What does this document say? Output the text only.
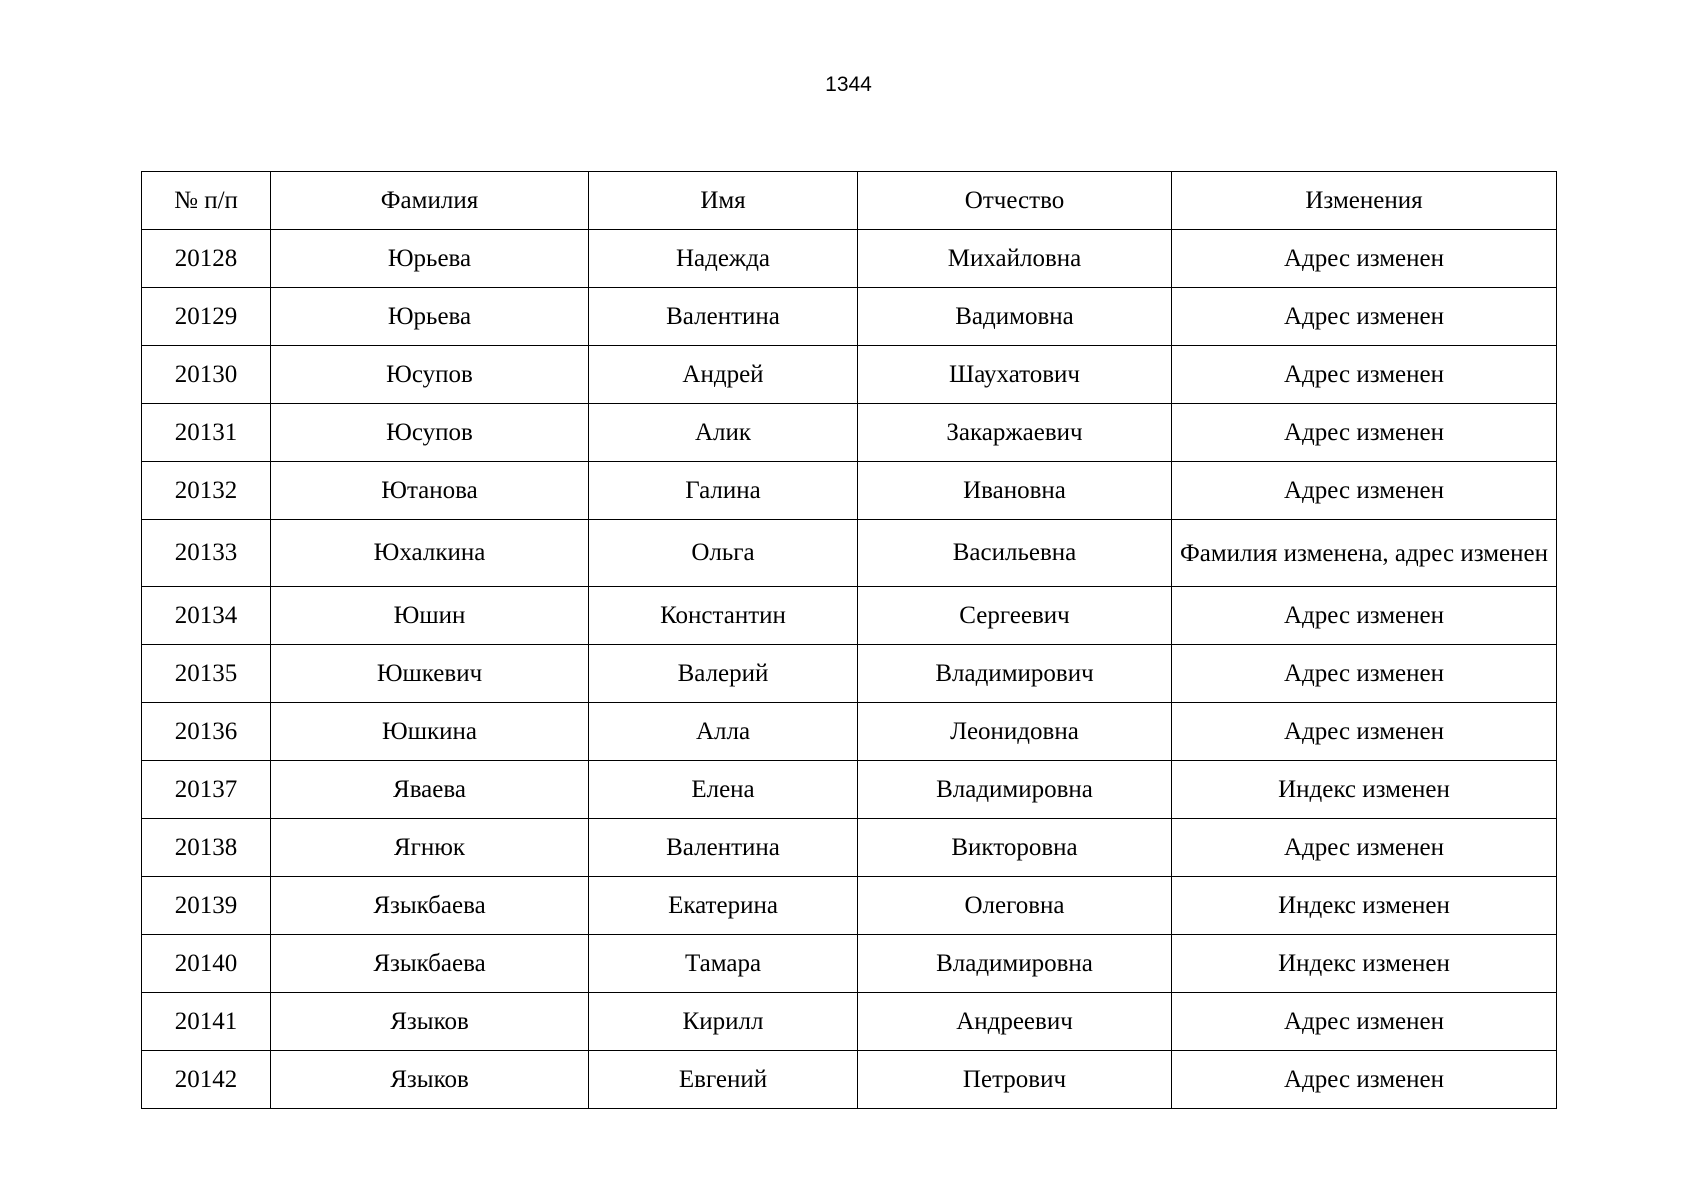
1344
№ п/п	Фамилия	Имя	Отчество	Изменения
20128	Юрьева	Надежда	Михайловна	Адрес изменен
20129	Юрьева	Валентина	Вадимовна	Адрес изменен
20130	Юсупов	Андрей	Шаухатович	Адрес изменен
20131	Юсупов	Алик	Закаржаевич	Адрес изменен
20132	Ютанова	Галина	Ивановна	Адрес изменен
20133	Юхалкина	Ольга	Васильевна	Фамилия изменена, адрес изменен
20134	Юшин	Константин	Сергеевич	Адрес изменен
20135	Юшкевич	Валерий	Владимирович	Адрес изменен
20136	Юшкина	Алла	Леонидовна	Адрес изменен
20137	Яваева	Елена	Владимировна	Индекс изменен
20138	Ягнюк	Валентина	Викторовна	Адрес изменен
20139	Языкбаева	Екатерина	Олеговна	Индекс изменен
20140	Языкбаева	Тамара	Владимировна	Индекс изменен
20141	Языков	Кирилл	Андреевич	Адрес изменен
20142	Языков	Евгений	Петрович	Адрес изменен
